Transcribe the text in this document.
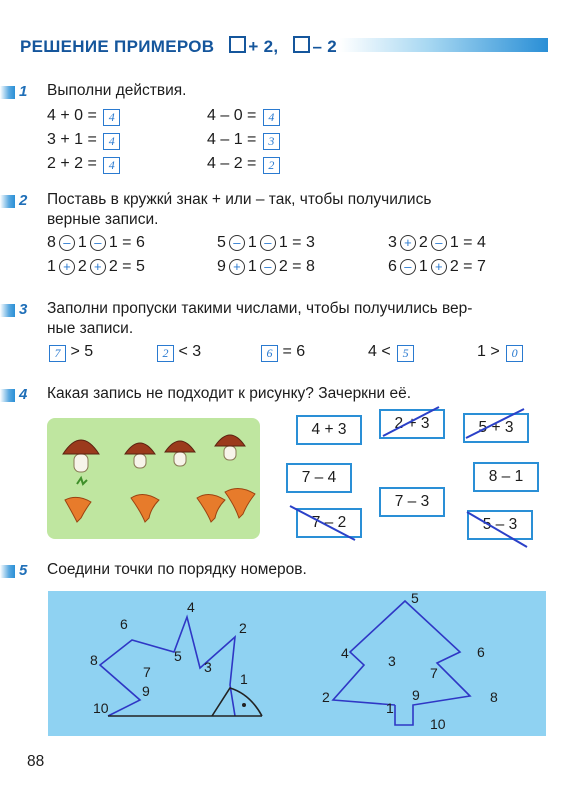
РЕШЕНИЕ ПРИМЕРОВ + 2, – 2
1 Выполни действия.
4 + 0 = 4	4 – 0 = 4
3 + 1 = 4	4 – 1 = 3
2 + 2 = 4	4 – 2 = 2
2 Поставь в кружки́ знак + или – так, чтобы получились
верные записи.
8 – 1 – 1 = 6	5 – 1 – 1 = 3	3 + 2 – 1 = 4
1 + 2 + 2 = 5	9 + 1 – 2 = 8	6 – 1 + 2 = 7
3 Заполни пропуски такими числами, чтобы получились вер-
ные записи.
7 > 5	2 < 3	6 = 6	4 < 5	1 > 0
4 Какая запись не подходит к рисунку? Зачеркни её.
4 + 3
7 – 4
7 – 2
2 + 3
7 – 3
5 + 3
8 – 1
5 – 3
5 Соедини точки по порядку номеров.
10
9
8
7
6
5
4
3
2
1
1
2
3
4
5
6
7
8
9
10
88
